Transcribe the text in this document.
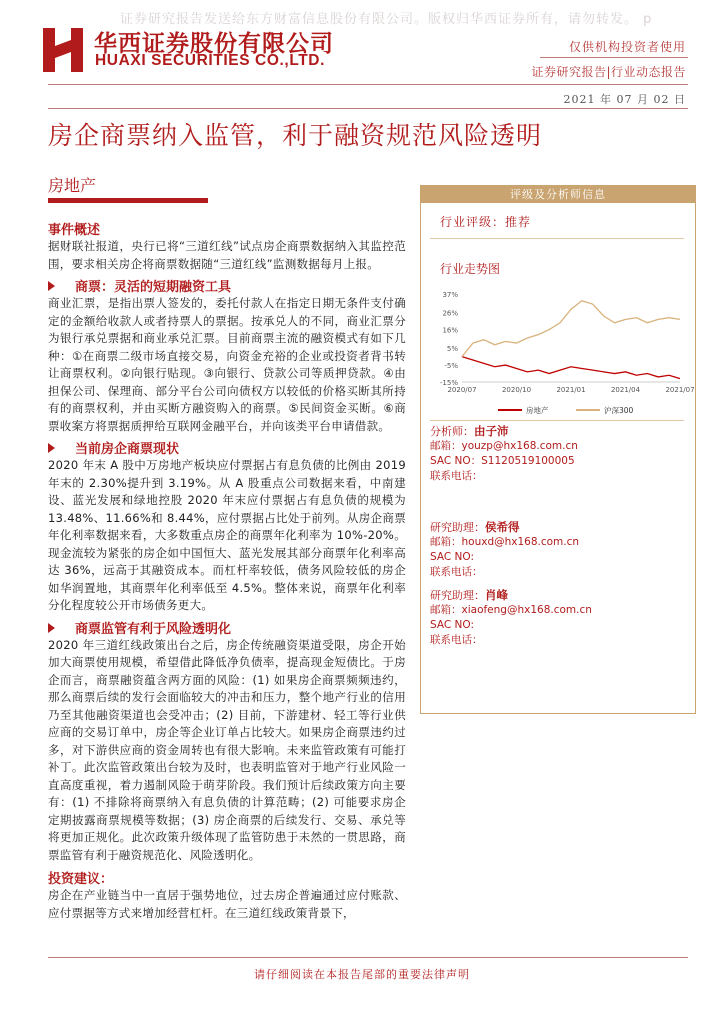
证券研究报告发送给东方财富信息股份有限公司。版权归华西证券所有，请勿转发。 p
华西证券股份有限公司
HUAXI SECURITIES CO.,LTD.
仅供机构投资者使用
证券研究报告|行业动态报告
2021 年 07 月 02 日
房企商票纳入监管，利于融资规范风险透明
房地产
事件概述
据财联社报道，央行已将“三道红线”试点房企商票数据纳入其监控范围，要求相关房企将商票数据随“三道红线”监测数据每月上报。
商票：灵活的短期融资工具
商业汇票，是指出票人签发的，委托付款人在指定日期无条件支付确定的金额给收款人或者持票人的票据。按承兑人的不同，商业汇票分为银行承兑票据和商业承兑汇票。目前商票主流的融资模式有如下几种：①在商票二级市场直接交易，向资金充裕的企业或投资者背书转让商票权利。②向银行贴现。③向银行、贷款公司等质押贷款。④由担保公司、保理商、部分平台公司向债权方以较低的价格买断其所持有的商票权利，并由买断方融资购入的商票。⑤民间资金买断。⑥商票收案方将票据质押给互联网金融平台，并向该类平台申请借款。
当前房企商票现状
2020 年末 A 股中万房地产板块应付票据占有息负债的比例由 2019 年末的 2.30%提升到 3.19%。从 A 股重点公司数据来看，中南建设、蓝光发展和绿地控股 2020 年末应付票据占有息负债的规模为 13.48%、11.66%和 8.44%，应付票据占比处于前列。从房企商票年化利率数据来看，大多数重点房企的商票年化利率为 10%-20%。现金流较为紧张的房企如中国恒大、蓝光发展其部分商票年化利率高达 36%，远高于其融资成本。而杠杆率较低，债务风险较低的房企如华润置地，其商票年化利率低至 4.5%。整体来说，商票年化利率分化程度较公开市场债务更大。
商票监管有利于风险透明化
2020 年三道红线政策出台之后，房企传统融资渠道受限，房企开始加大商票使用规模，希望借此降低净负债率，提高现金短债比。于房企而言，商票融资蕴含两方面的风险：(1) 如果房企商票频频违约，那么商票后续的发行会面临较大的冲击和压力，整个地产行业的信用乃至其他融资渠道也会受冲击；(2) 目前，下游建材、轻工等行业供应商的交易订单中，房企等企业订单占比较大。如果房企商票违约过多，对下游供应商的资金周转也有很大影响。未来监管政策有可能打补丁。此次监管政策出台较为及时，也表明监管对于地产行业风险一直高度重视，着力遏制风险于萌芽阶段。我们预计后续政策方向主要有：(1) 不排除将商票纳入有息负债的计算范畴；(2) 可能要求房企定期披露商票规模等数据；(3) 房企商票的后续发行、交易、承兑等将更加正规化。此次政策升级体现了监管防患于未然的一贯思路，商票监管有利于融资规范化、风险透明化。
投资建议：
房企在产业链当中一直居于强势地位，过去房企普遍通过应付账款、应付票据等方式来增加经营杠杆。在三道红线政策背景下，
评级及分析师信息
行业评级：推荐
行业走势图
37%
26%
16%
5%
-5%
-15%
2020/07	2020/10	2021/01	2021/04	2021/07
房地产	沪深300
分析师：由子沛
邮箱：youzp@hx168.com.cn
SAC NO：S1120519100005
联系电话：
研究助理：侯希得
邮箱：houxd@hx168.com.cn
SAC NO:
联系电话：
研究助理：肖峰
邮箱：xiaofeng@hx168.com.cn
SAC NO:
联系电话：
请仔细阅读在本报告尾部的重要法律声明
